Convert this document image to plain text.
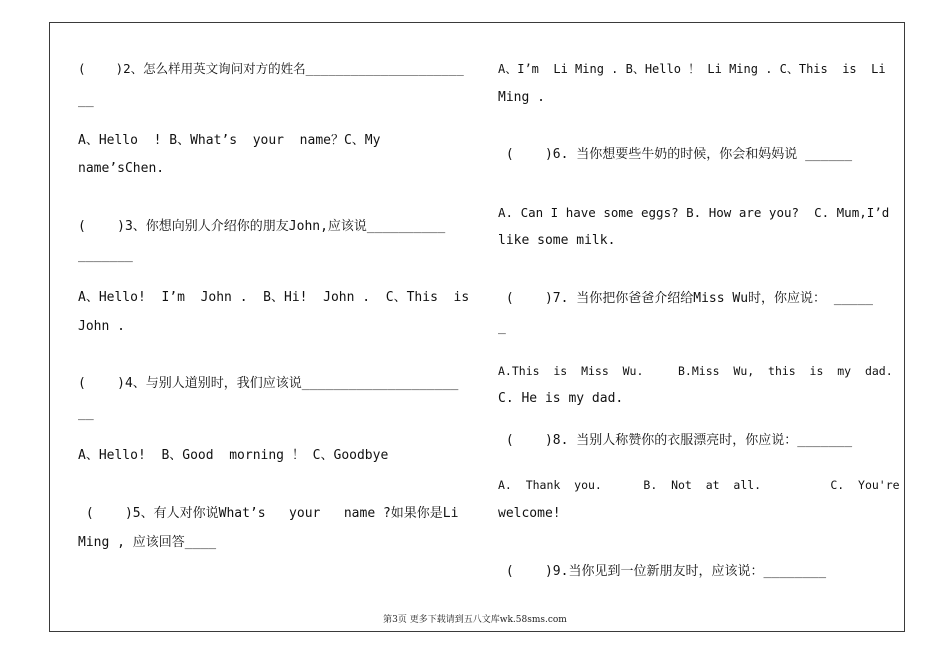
(    )2、怎么样用英文询问对方的姓名_____________________
__
A、Hello  ! B、What’s  your  name？C、My
name’sChen.
(    )3、你想向别人介绍你的朋友John,应该说__________
_______
A、Hello!  I’m  John .  B、Hi!  John .  C、This  is
John .
(    )4、与别人道别时，我们应该说____________________
__
A、Hello!  B、Good  morning ！ C、Goodbye
(    )5、有人对你说What’s   your   name ?如果你是Li
Ming , 应该回答____
A、I’m  Li Ming . B、Hello ！ Li Ming . C、This  is  Li
Ming .
(    )6. 当你想要些牛奶的时候，你会和妈妈说 ______
A. Can I have some eggs? B. How are you?  C. Mum,I’d
like some milk.
(    )7. 当你把你爸爸介绍给Miss Wu时，你应说： _____
_
A.This  is  Miss  Wu.     B.Miss  Wu,  this  is  my  dad.
C. He is my dad.
(    )8. 当别人称赞你的衣服漂亮时，你应说：_______
A.  Thank  you.      B.  Not  at  all.          C.  You're
welcome!
(    )9.当你见到一位新朋友时，应该说：________
第3页 更多下载请到五八文库wk.58sms.com
